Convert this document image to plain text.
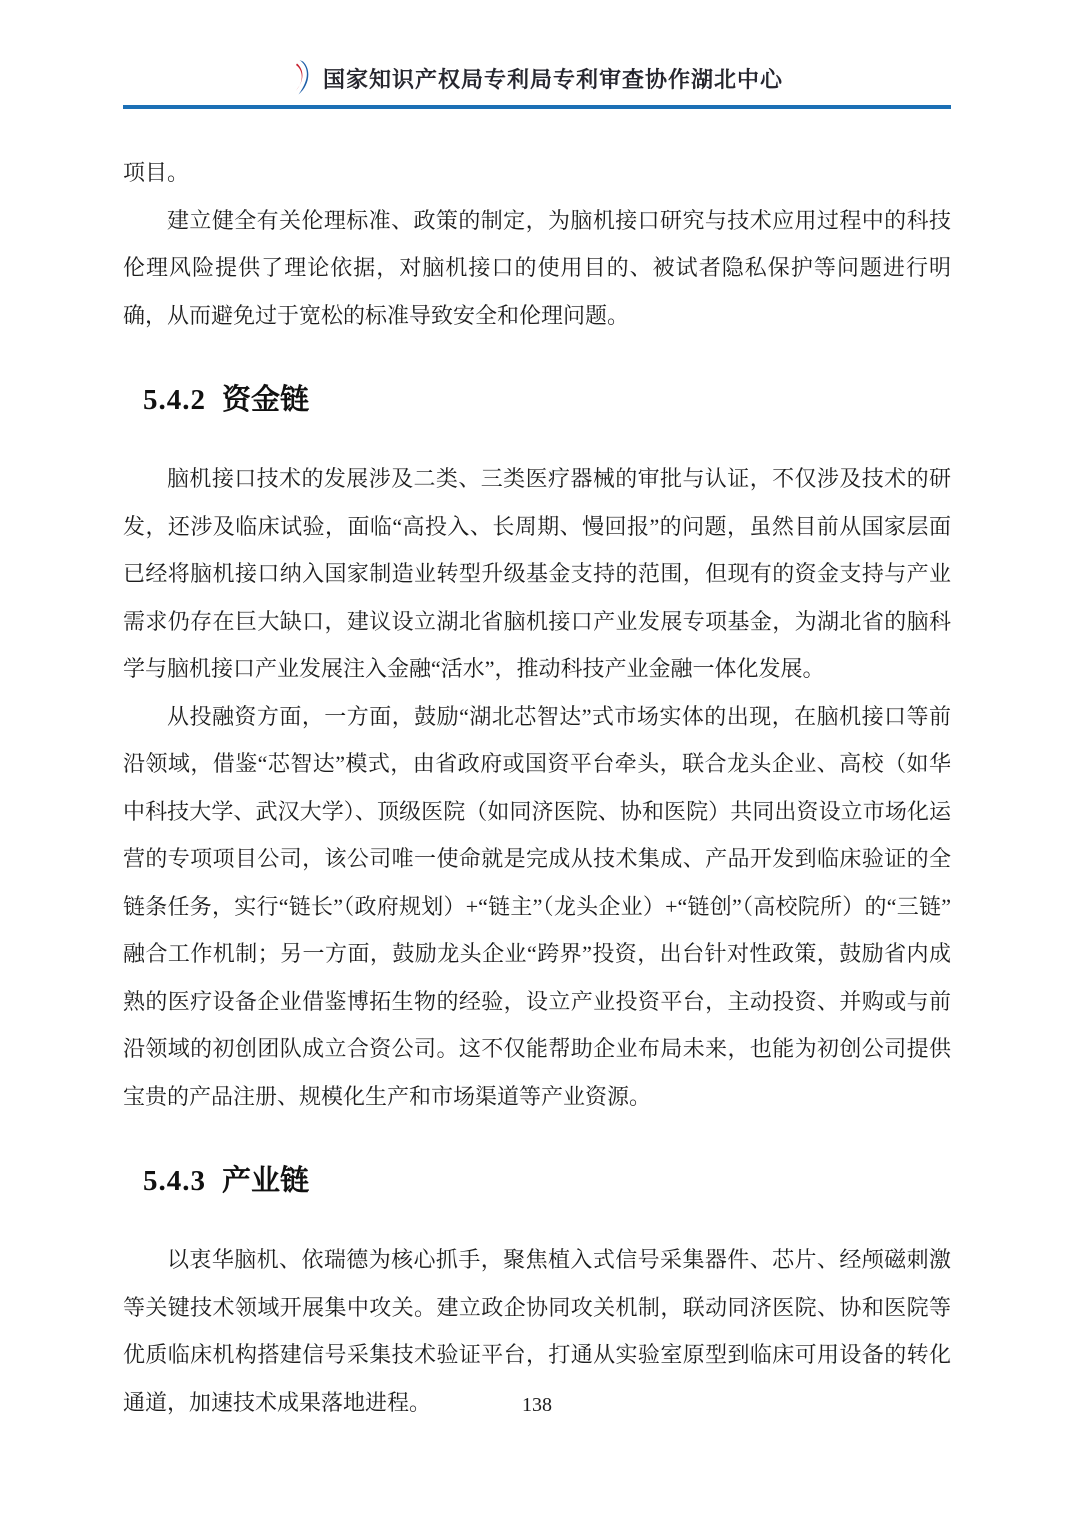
国家知识产权局专利局专利审查协作湖北中心

项目。

建立健全有关伦理标准、政策的制定，为脑机接口研究与技术应用过程中的科技伦理风险提供了理论依据，对脑机接口的使用目的、被试者隐私保护等问题进行明确，从而避免过于宽松的标准导致安全和伦理问题。

5.4.2 资金链

脑机接口技术的发展涉及二类、三类医疗器械的审批与认证，不仅涉及技术的研发，还涉及临床试验，面临“高投入、长周期、慢回报”的问题，虽然目前从国家层面已经将脑机接口纳入国家制造业转型升级基金支持的范围，但现有的资金支持与产业需求仍存在巨大缺口，建议设立湖北省脑机接口产业发展专项基金，为湖北省的脑科学与脑机接口产业发展注入金融“活水”，推动科技产业金融一体化发展。

从投融资方面，一方面，鼓励“湖北芯智达”式市场实体的出现，在脑机接口等前沿领域，借鉴“芯智达”模式，由省政府或国资平台牵头，联合龙头企业、高校（如华中科技大学、武汉大学）、顶级医院（如同济医院、协和医院）共同出资设立市场化运营的专项项目公司，该公司唯一使命就是完成从技术集成、产品开发到临床验证的全链条任务，实行“链长”（政府规划）+“链主”（龙头企业）+“链创”（高校院所）的“三链”融合工作机制；另一方面，鼓励龙头企业“跨界”投资，出台针对性政策，鼓励省内成熟的医疗设备企业借鉴博拓生物的经验，设立产业投资平台，主动投资、并购或与前沿领域的初创团队成立合资公司。这不仅能帮助企业布局未来，也能为初创公司提供宝贵的产品注册、规模化生产和市场渠道等产业资源。

5.4.3 产业链

以衷华脑机、依瑞德为核心抓手，聚焦植入式信号采集器件、芯片、经颅磁刺激等关键技术领域开展集中攻关。建立政企协同攻关机制，联动同济医院、协和医院等优质临床机构搭建信号采集技术验证平台，打通从实验室原型到临床可用设备的转化通道，加速技术成果落地进程。	138
